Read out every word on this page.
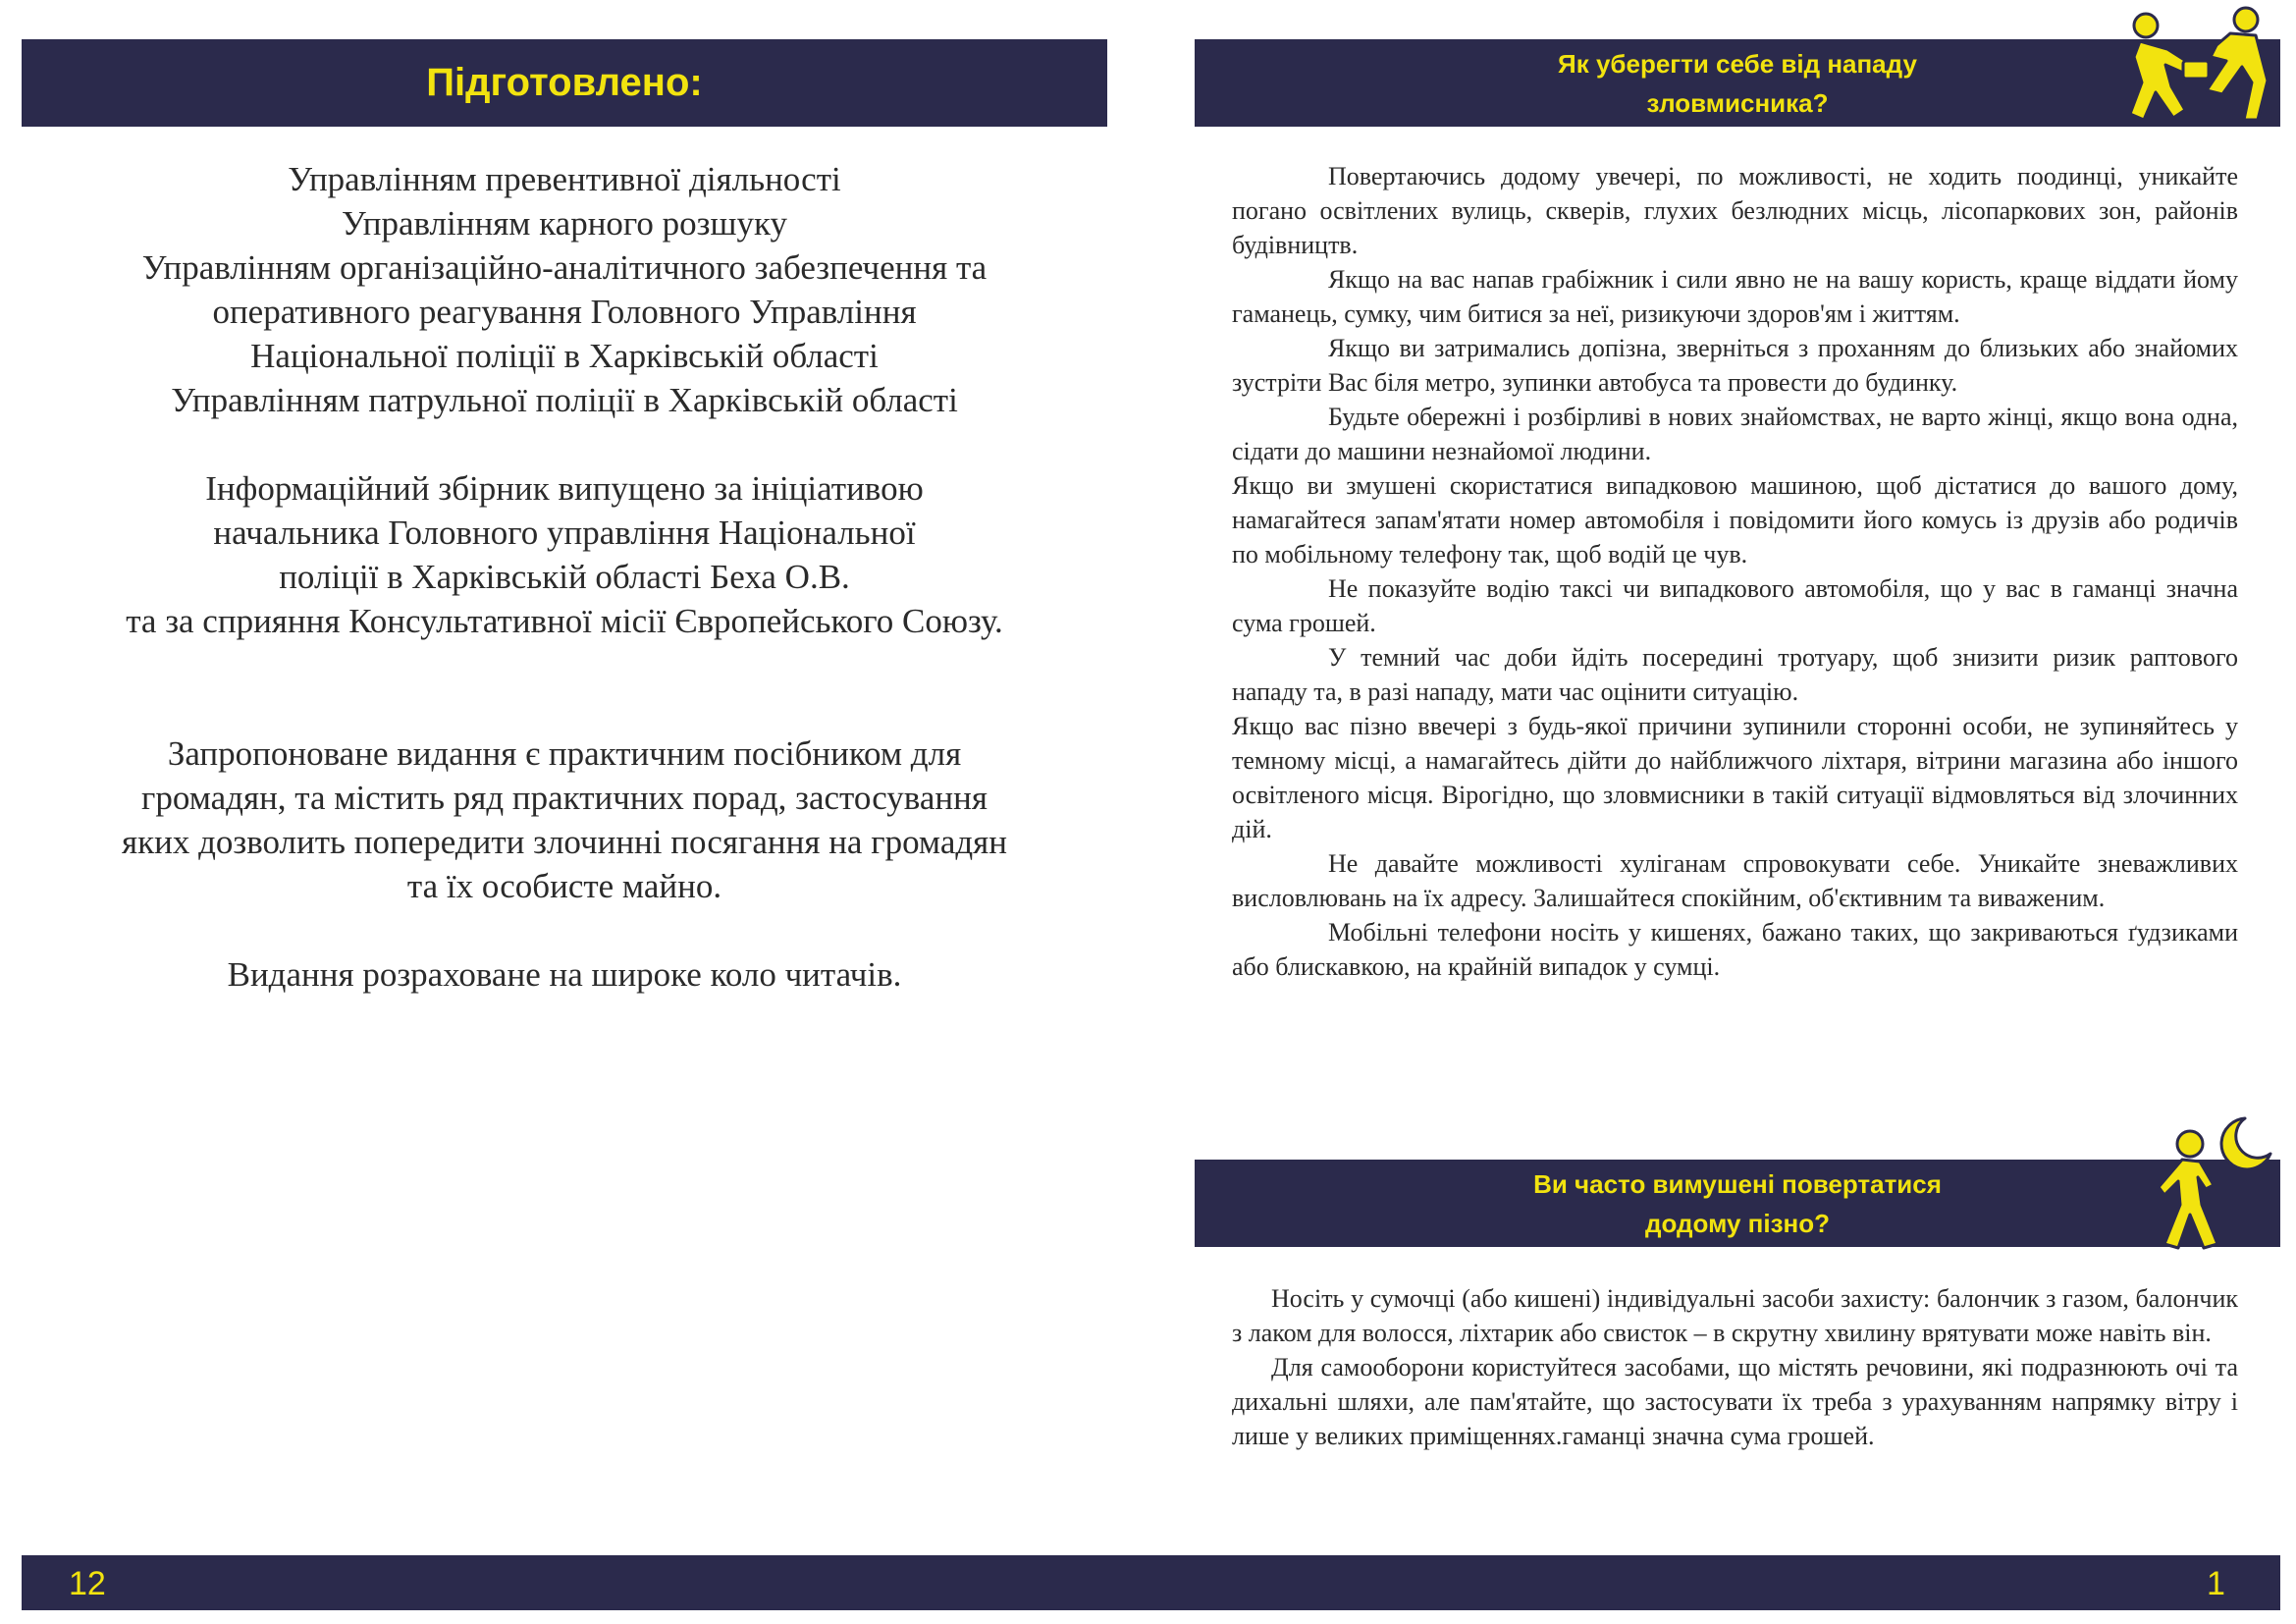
Підготовлено:

Управлінням превентивної діяльності

Управлінням карного розшуку

Управлінням організаційно-аналітичного забезпечення та

оперативного реагування Головного Управління

Національної поліції в Харківській області

Управлінням патрульної поліції в Харківській області

Інформаційний збірник випущено за ініціативою

начальника Головного управління Національної

поліції в Харківській області Беха О.В.

та за сприяння Консультативної місії Європейського Союзу.

Запропоноване видання є практичним посібником для

громадян, та містить ряд практичних порад, застосування

яких дозволить попередити злочинні посягання на громадян

та їх особисте майно.

Видання розраховане на широке коло читачів.

Як уберегти себе від нападу
зловмисника?

Повертаючись додому увечері, по можливості, не ходить поодинці, уникайте погано освітлених вулиць, скверів, глухих безлюдних місць, лісопаркових зон, районів будівництв.

Якщо на вас напав грабіжник і сили явно не на вашу користь, краще віддати йому гаманець, сумку, чим битися за неї, ризикуючи здоров'ям і життям.

Якщо ви затримались допізна, зверніться з проханням до близьких або знайомих зустріти Вас біля метро, зупинки автобуса та провести до будинку.

Будьте обережні і розбірливі в нових знайомствах, не варто жінці, якщо вона одна, сідати до машини незнайомої людини.

Якщо ви змушені скористатися випадковою машиною, щоб дістатися до вашого дому, намагайтеся запам'ятати номер автомобіля і повідомити його комусь із друзів або родичів по мобільному телефону так, щоб водій це чув.

Не показуйте водію таксі чи випадкового автомобіля, що у вас в гаманці значна сума грошей.

У темний час доби йдіть посередині тротуару, щоб знизити ризик раптового нападу та, в разі нападу, мати час оцінити ситуацію.

Якщо вас пізно ввечері з будь-якої причини зупинили сторонні особи, не зупиняйтесь у темному місці, а намагайтесь дійти до найближчого ліхтаря, вітрини магазина або іншого освітленого місця. Вірогідно, що зловмисники в такій ситуації відмовляться від злочинних дій.

Не давайте можливості хуліганам спровокувати себе. Уникайте зневажливих висловлювань на їх адресу. Залишайтеся спокійним, об'єктивним та виваженим.

Мобільні телефони носіть у кишенях, бажано таких, що закриваються ґудзиками або блискавкою, на крайній випадок у сумці.

Ви часто вимушені повертатися
додому пізно?

Носіть у сумочці (або кишені) індивідуальні засоби захисту: балончик з газом, балончик з лаком для волосся, ліхтарик або свисток – в скрутну хвилину врятувати може навіть він.

Для самооборони користуйтеся засобами, що містять речовини, які подразнюють очі та дихальні шляхи, але пам'ятайте, що застосувати їх треба з урахуванням напрямку вітру і лише у великих приміщеннях.гаманці значна сума грошей.

12	1
